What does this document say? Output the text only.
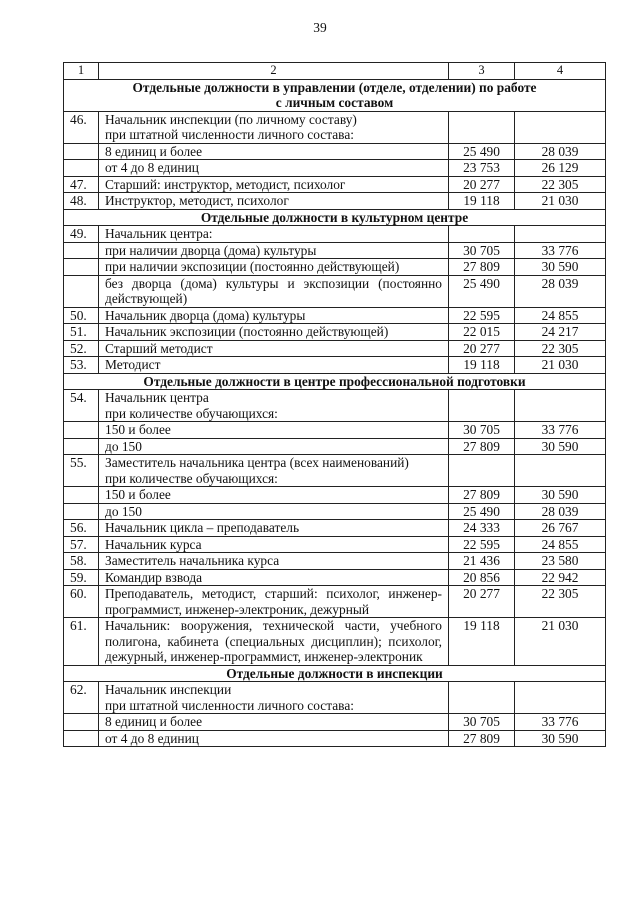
39
1	2	3	4

Отдельные должности в управлении (отделе, отделении) по работе
с личным составом			

46.	Начальник инспекции (по личному составу)
при штатной численности личного состава:		

	8 единиц и более	25 490	28 039
	от 4 до 8 единиц	23 753	26 129
47.	Старший: инструктор, методист, психолог	20 277	22 305
48.	Инструктор, методист, психолог	19 118	21 030
Отдельные должности в культурном центре			
49.	Начальник центра:		
	при наличии дворца (дома) культуры	30 705	33 776
	при наличии экспозиции (постоянно действующей)	27 809	30 590
	без дворца (дома) культуры и экспозиции (постоянно действующей)	25 490	28 039
50.	Начальник дворца (дома) культуры	22 595	24 855
51.	Начальник экспозиции (постоянно действующей)	22 015	24 217
52.	Старший методист	20 277	22 305
53.	Методист	19 118	21 030
Отдельные должности в центре профессиональной подготовки			
54.	Начальник центра
при количестве обучающихся:		

	150 и более	30 705	33 776
	до 150	27 809	30 590
55.	Заместитель начальника центра (всех наименований)
при количестве обучающихся:		

	150 и более	27 809	30 590
	до 150	25 490	28 039
56.	Начальник цикла – преподаватель	24 333	26 767
57.	Начальник курса	22 595	24 855
58.	Заместитель начальника курса	21 436	23 580
59.	Командир взвода	20 856	22 942
60.	Преподаватель, методист, старший: психолог, инженер-программист, инженер-электроник, дежурный	20 277	22 305
61.	Начальник: вооружения, технической части, учебного полигона, кабинета (специальных дисциплин); психолог, дежурный, инженер-программист, инженер-электроник	19 118	21 030
Отдельные должности в инспекции			
62.	Начальник инспекции
при штатной численности личного состава:		

	8 единиц и более	30 705	33 776
	от 4 до 8 единиц	27 809	30 590
